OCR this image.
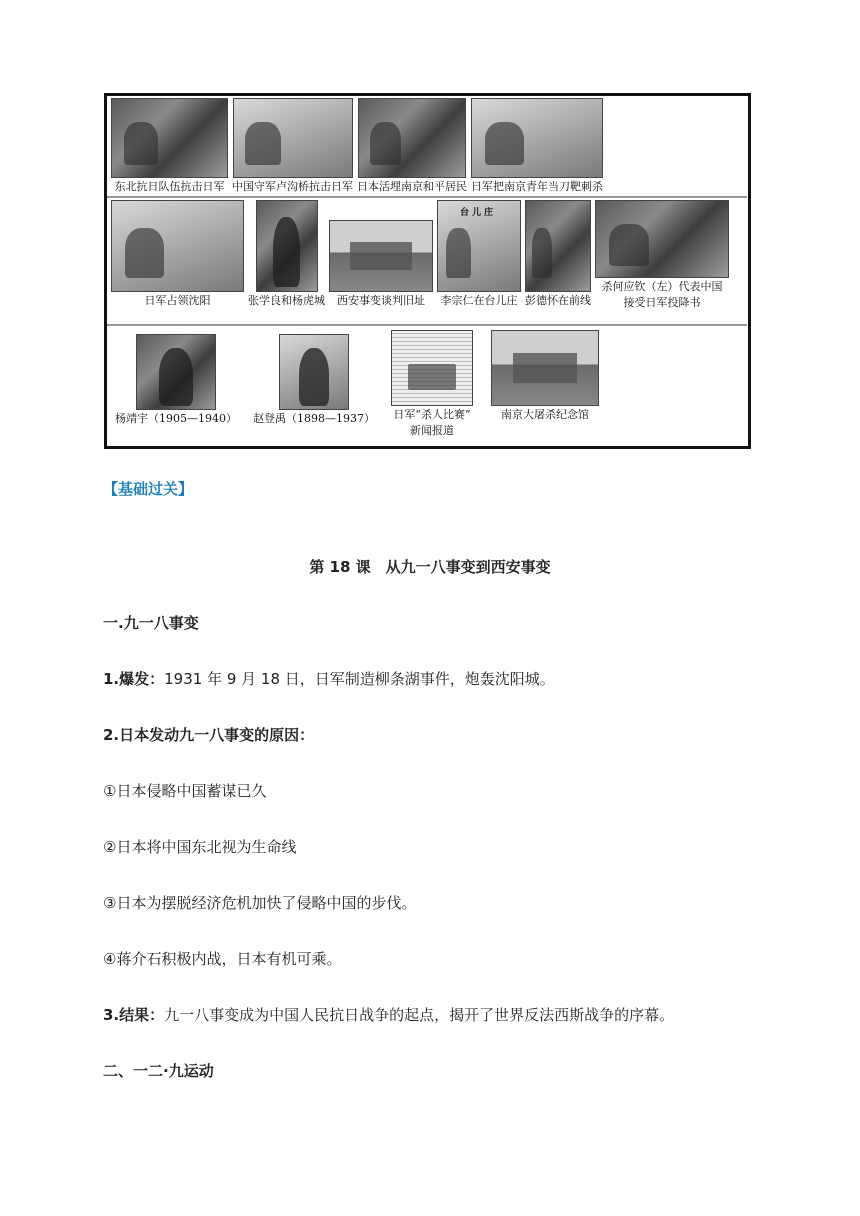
东北抗日队伍抗击日军 中国守军卢沟桥抗击日军 日本活埋南京和平居民 日军把南京青年当刀靶刺杀
日军占领沈阳	张学良和杨虎城 西安事变谈判旧址
台儿庄
李宗仁在台儿庄 彭德怀在前线
杀何应钦（左）代表中国
接受日军投降书
杨靖宇（1905—1940） 赵登禹（1898—1937） 日军“杀人比赛”
新闻报道
南京大屠杀纪念馆
【基础过关】
第 18 课　从九一八事变到西安事变
一.九一八事变
1.爆发：1931 年 9 月 18 日，日军制造柳条湖事件，炮轰沈阳城。
2.日本发动九一八事变的原因：
①日本侵略中国蓄谋已久
②日本将中国东北视为生命线
③日本为摆脱经济危机加快了侵略中国的步伐。
④蒋介石积极内战，日本有机可乘。
3.结果：九一八事变成为中国人民抗日战争的起点，揭开了世界反法西斯战争的序幕。
二、一二·九运动
